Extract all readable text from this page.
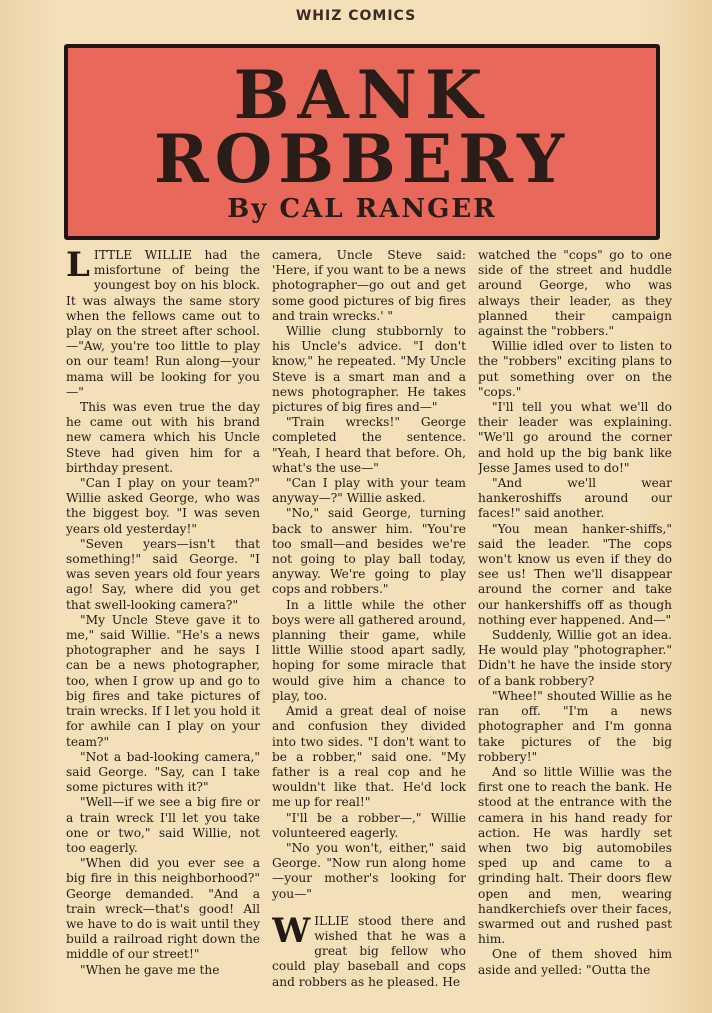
WHIZ COMICS
BANK
ROBBERY
By CAL RANGER

LITTLE WILLIE had the misfortune of being the youngest boy on his block. It was always the same story when the fellows came out to play on the street after school. —"Aw, you're too little to play on our team! Run along—your mama will be looking for you—"

This was even true the day he came out with his brand new camera which his Uncle Steve had given him for a birthday present.

"Can I play on your team?" Willie asked George, who was the biggest boy. "I was seven years old yesterday!"

"Seven years—isn't that something!" said George. "I was seven years old four years ago! Say, where did you get that swell-looking camera?"

"My Uncle Steve gave it to me," said Willie. "He's a news photographer and he says I can be a news photographer, too, when I grow up and go to big fires and take pictures of train wrecks. If I let you hold it for awhile can I play on your team?"

"Not a bad-looking camera," said George. "Say, can I take some pictures with it?"

"Well—if we see a big fire or a train wreck I'll let you take one or two," said Willie, not too eagerly.

"When did you ever see a big fire in this neighborhood?" George demanded. "And a train wreck—that's good! All we have to do is wait until they build a railroad right down the middle of our street!"

"When he gave me the

camera, Uncle Steve said: 'Here, if you want to be a news photographer—go out and get some good pictures of big fires and train wrecks.' "

Willie clung stubbornly to his Uncle's advice. "I don't know," he repeated. "My Uncle Steve is a smart man and a news photographer. He takes pictures of big fires and—"

"Train wrecks!" George completed the sentence. "Yeah, I heard that before. Oh, what's the use—"

"Can I play with your team anyway—?" Willie asked.

"No," said George, turning back to answer him. "You're too small—and besides we're not going to play ball today, anyway. We're going to play cops and robbers."

In a little while the other boys were all gathered around, planning their game, while little Willie stood apart sadly, hoping for some miracle that would give him a chance to play, too.

Amid a great deal of noise and confusion they divided into two sides. "I don't want to be a robber," said one. "My father is a real cop and he wouldn't like that. He'd lock me up for real!"

"I'll be a robber—," Willie volunteered eagerly.

"No you won't, either," said George. "Now run along home—your mother's looking for you—"

WILLIE stood there and wished that he was a great big fellow who could play baseball and cops and robbers as he pleased. He

watched the "cops" go to one side of the street and huddle around George, who was always their leader, as they planned their campaign against the "robbers."

Willie idled over to listen to the "robbers" exciting plans to put something over on the "cops."

"I'll tell you what we'll do their leader was explaining. "We'll go around the corner and hold up the big bank like Jesse James used to do!"

"And we'll wear hankeroshiffs around our faces!" said another.

"You mean hanker-shiffs," said the leader. "The cops won't know us even if they do see us! Then we'll disappear around the corner and take our hankershiffs off as though nothing ever happened. And—"

Suddenly, Willie got an idea. He would play "photographer." Didn't he have the inside story of a bank robbery?

"Whee!" shouted Willie as he ran off. "I'm a news photographer and I'm gonna take pictures of the big robbery!"

And so little Willie was the first one to reach the bank. He stood at the entrance with the camera in his hand ready for action. He was hardly set when two big automobiles sped up and came to a grinding halt. Their doors flew open and men, wearing handkerchiefs over their faces, swarmed out and rushed past him.

One of them shoved him aside and yelled: "Outta the
